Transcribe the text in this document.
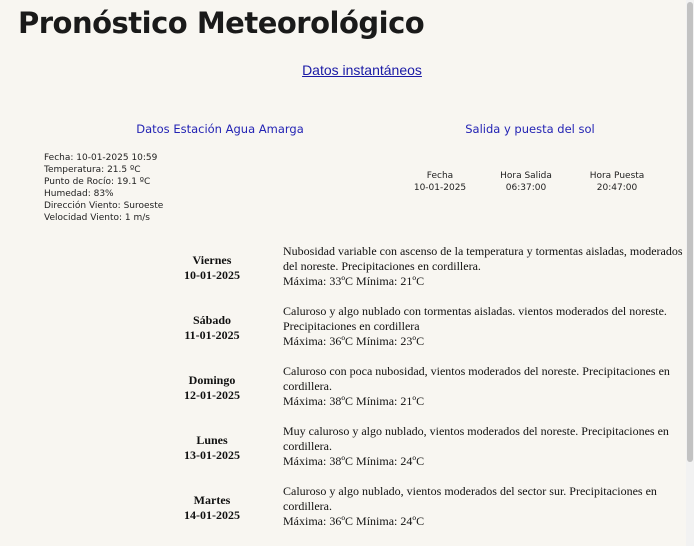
Pronóstico Meteorológico
Datos instantáneos
Datos Estación Agua Amarga	Salida y puesta del sol
Fecha: 10-01-2025 10:59
Temperatura: 21.5 ºC
Punto de Rocío: 19.1 ºC
Humedad: 83%
Dirección Viento: Suroeste
Velocidad Viento: 1 m/s
Fecha
10-01-2025
Hora Salida
06:37:00
Hora Puesta
20:47:00
Viernes
10-01-2025
Nubosidad variable con ascenso de la temperatura y tormentas aisladas, moderados del noreste. Precipitaciones en cordillera.
Máxima: 33ºC Mínima: 21ºC
Sábado
11-01-2025
Caluroso y algo nublado con tormentas aisladas. vientos moderados del noreste. Precipitaciones en cordillera
Máxima: 36ºC Mínima: 23ºC
Domingo
12-01-2025
Caluroso con poca nubosidad, vientos moderados del noreste. Precipitaciones en cordillera.
Máxima: 38ºC Mínima: 21ºC
Lunes
13-01-2025
Muy caluroso y algo nublado, vientos moderados del noreste. Precipitaciones en cordillera.
Máxima: 38ºC Mínima: 24ºC
Martes
14-01-2025
Caluroso y algo nublado, vientos moderados del sector sur. Precipitaciones en cordillera.
Máxima: 36ºC Mínima: 24ºC
